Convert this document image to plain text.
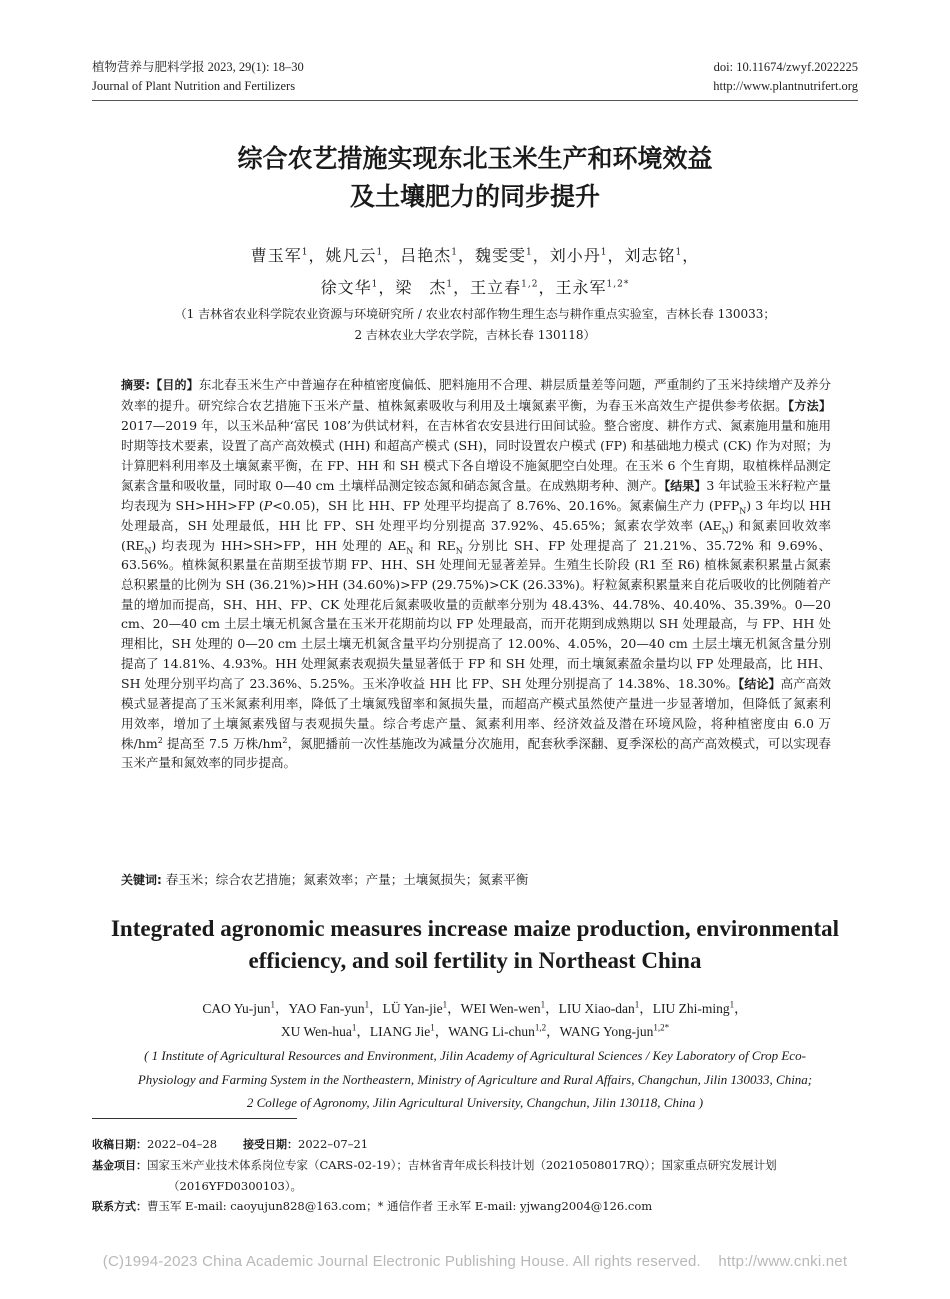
植物营养与肥料学报 2023, 29(1): 18–30	doi: 10.11674/zwyf.2022225
Journal of Plant Nutrition and Fertilizers	http://www.plantnutrifert.org
综合农艺措施实现东北玉米生产和环境效益
及土壤肥力的同步提升
曹玉军$^1$，姚凡云$^1$，吕艳杰$^1$，魏雯雯$^1$，刘小丹$^1$，刘志铭$^1$，
徐文华$^1$，梁　杰$^1$，王立春$^{1,2}$，王永军$^{1,2*}$
（1 吉林省农业科学院农业资源与环境研究所 / 农业农村部作物生理生态与耕作重点实验室，吉林长春 130033；
2 吉林农业大学农学院，吉林长春 130118）
摘要:【目的】东北春玉米生产中普遍存在种植密度偏低、肥料施用不合理、耕层质量差等问题，严重制约了玉米持续增产及养分效率的提升。研究综合农艺措施下玉米产量、植株氮素吸收与利用及土壤氮素平衡，为春玉米高效生产提供参考依据。【方法】2017—2019 年，以玉米品种‘富民 108’为供试材料，在吉林省农安县进行田间试验。整合密度、耕作方式、氮素施用量和施用时期等技术要素，设置了高产高效模式 (HH) 和超高产模式 (SH)，同时设置农户模式 (FP) 和基础地力模式 (CK) 作为对照；为计算肥料利用率及土壤氮素平衡，在 FP、HH 和 SH 模式下各自增设不施氮肥空白处理。在玉米 6 个生育期，取植株样品测定氮素含量和吸收量，同时取 0—40 cm 土壤样品测定铵态氮和硝态氮含量。在成熟期考种、测产。【结果】3 年试验玉米籽粒产量均表现为 SH>HH>FP (P<0.05)，SH 比 HH、FP 处理平均提高了 8.76%、20.16%。氮素偏生产力 $(PFP_N)$ 3 年均以 HH 处理最高，SH 处理最低，HH 比 FP、SH 处理平均分别提高 37.92%、45.65%；氮素农学效率 $(AE_N)$ 和氮素回收效率 $(RE_N)$ 均表现为 HH>SH>FP，HH 处理的 $AE_N$ 和 $RE_N$ 分别比 SH、FP 处理提高了 21.21%、35.72% 和 9.69%、63.56%。植株氮积累量在苗期至拔节期 FP、HH、SH 处理间无显著差异。生殖生长阶段 (R1 至 R6) 植株氮素积累量占氮素总积累量的比例为 SH (36.21%)>HH (34.60%)>FP (29.75%)>CK (26.33%)。籽粒氮素积累量来自花后吸收的比例随着产量的增加而提高，SH、HH、FP、CK 处理花后氮素吸收量的贡献率分别为 48.43%、44.78%、40.40%、35.39%。0—20 cm、20—40 cm 土层土壤无机氮含量在玉米开花期前均以 FP 处理最高，而开花期到成熟期以 SH 处理最高，与 FP、HH 处理相比，SH 处理的 0—20 cm 土层土壤无机氮含量平均分别提高了 12.00%、4.05%，20—40 cm 土层土壤无机氮含量分别提高了 14.81%、4.93%。HH 处理氮素表观损失量显著低于 FP 和 SH 处理，而土壤氮素盈余量均以 FP 处理最高，比 HH、SH 处理分别平均高了 23.36%、5.25%。玉米净收益 HH 比 FP、SH 处理分别提高了 14.38%、18.30%。【结论】高产高效模式显著提高了玉米氮素利用率，降低了土壤氮残留率和氮损失量，而超高产模式虽然使产量进一步显著增加，但降低了氮素利用效率，增加了土壤氮素残留与表观损失量。综合考虑产量、氮素利用率、经济效益及潜在环境风险，将种植密度由 6.0 万株$/hm^2$ 提高至 7.5 万株$/hm^2$，氮肥播前一次性基施改为减量分次施用，配套秋季深翻、夏季深松的高产高效模式，可以实现春玉米产量和氮效率的同步提高。
关键词: 春玉米；综合农艺措施；氮素效率；产量；土壤氮损失；氮素平衡
Integrated agronomic measures increase maize production, environmental
efficiency, and soil fertility in Northeast China
CAO Yu-jun$^1$，YAO Fan-yun$^1$，LÜ Yan-jie$^1$，WEI Wen-wen$^1$，LIU Xiao-dan$^1$，LIU Zhi-ming$^1$，
XU Wen-hua$^1$，LIANG Jie$^1$，WANG Li-chun$^{1,2}$，WANG Yong-jun$^{1,2*}$
( 1 Institute of Agricultural Resources and Environment, Jilin Academy of Agricultural Sciences / Key Laboratory of Crop Eco-
Physiology and Farming System in the Northeastern, Ministry of Agriculture and Rural Affairs, Changchun, Jilin 130033, China;
2 College of Agronomy, Jilin Agricultural University, Changchun, Jilin 130118, China )
收稿日期：2022–04–28 接受日期：2022–07–21
基金项目：国家玉米产业技术体系岗位专家（CARS-02-19）；吉林省青年成长科技计划（20210508017RQ）；国家重点研究发展计划
（2016YFD0300103）。
联系方式：曹玉军 E-mail: caoyujun828@163.com；* 通信作者 王永军 E-mail: yjwang2004@126.com
(C)1994-2023 China Academic Journal Electronic Publishing House. All rights reserved.    http://www.cnki.net
